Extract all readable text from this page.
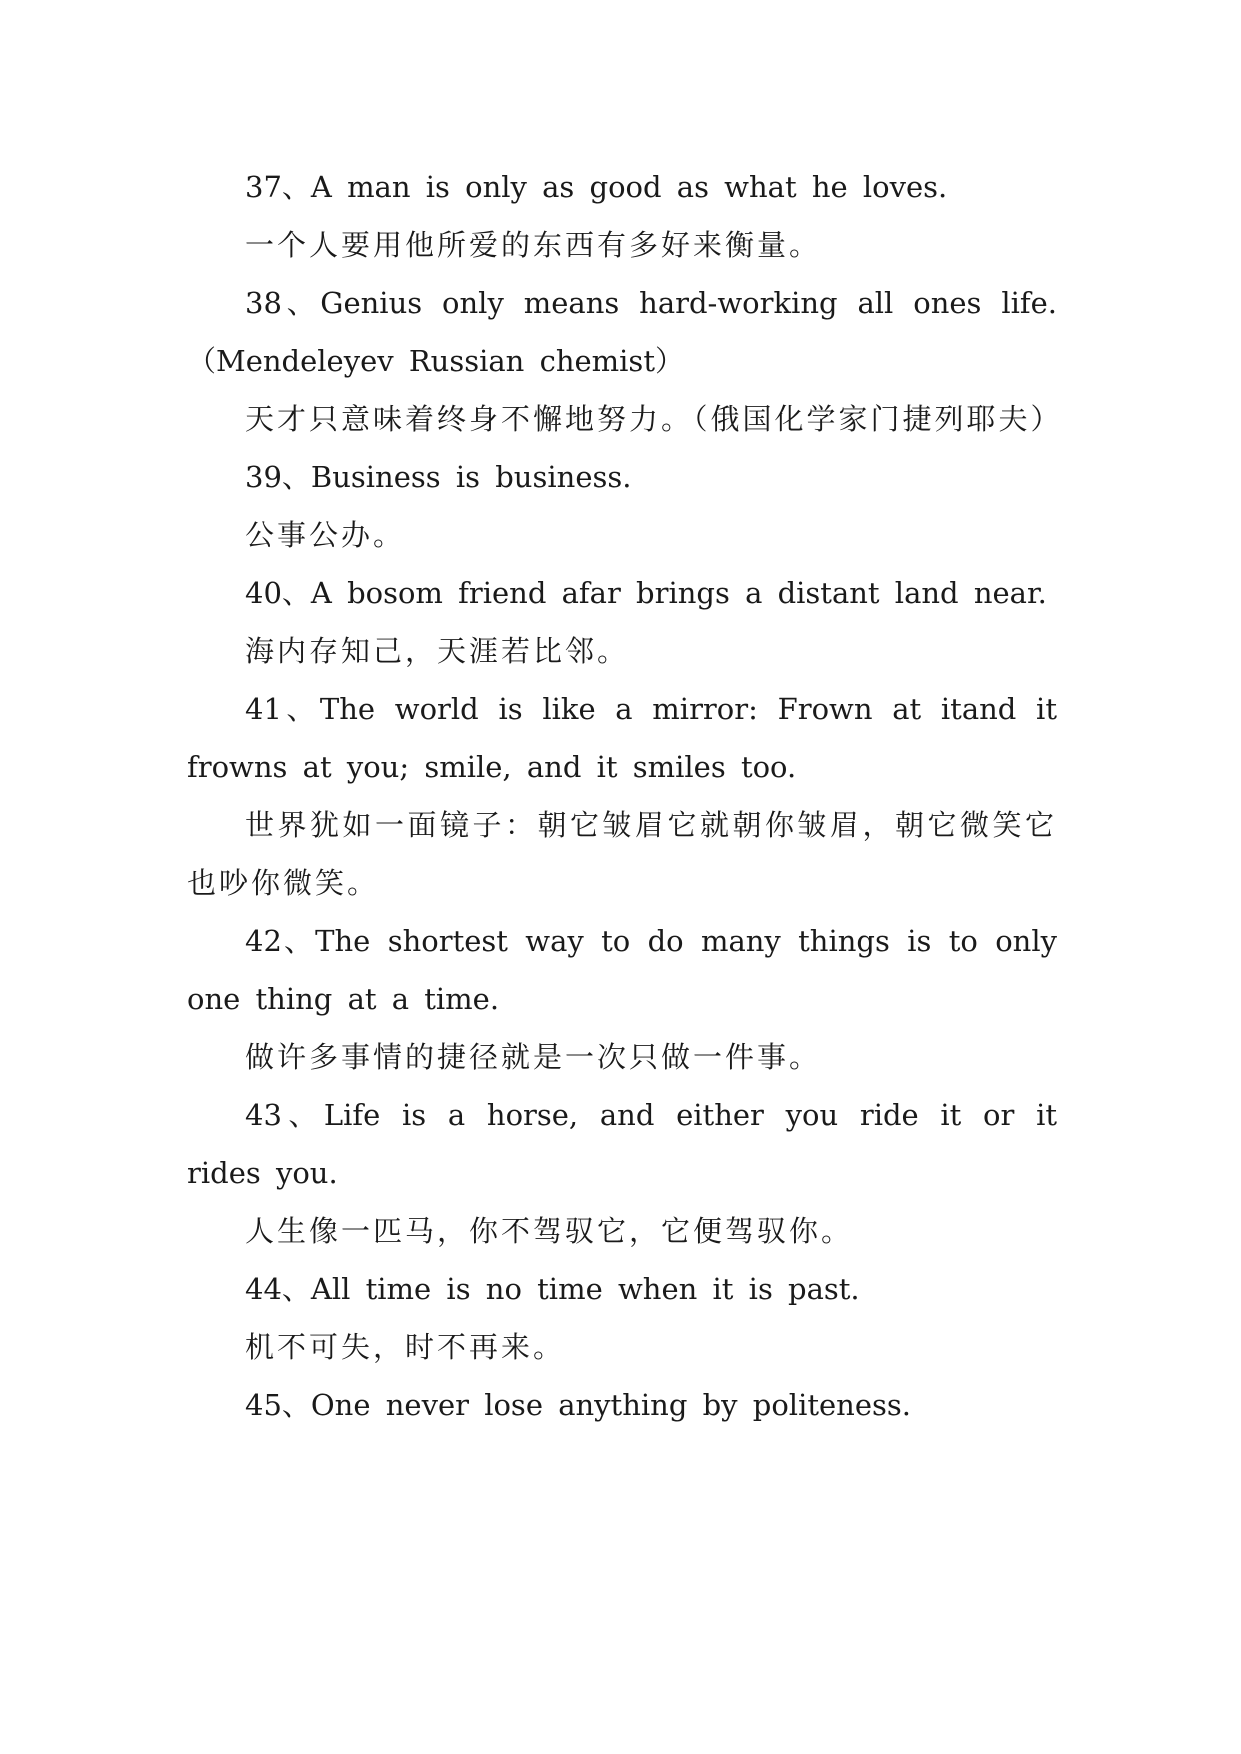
37、A man is only as good as what he loves.

一个人要用他所爱的东西有多好来衡量。

38、Genius only means hard-working all ones life.（Mendeleyev Russian chemist）

天才只意味着终身不懈地努力。（俄国化学家门捷列耶夫）

39、Business is business.

公事公办。

40、A bosom friend afar brings a distant land near.

海内存知己，天涯若比邻。

41、The world is like a mirror: Frown at itand it frowns at you; smile, and it smiles too.

世界犹如一面镜子：朝它皱眉它就朝你皱眉，朝它微笑它也吵你微笑。

42、The shortest way to do many things is to only one thing at a time.

做许多事情的捷径就是一次只做一件事。

43、Life is a horse, and either you ride it or it rides you.

人生像一匹马，你不驾驭它，它便驾驭你。

44、All time is no time when it is past.

机不可失，时不再来。

45、One never lose anything by politeness.
